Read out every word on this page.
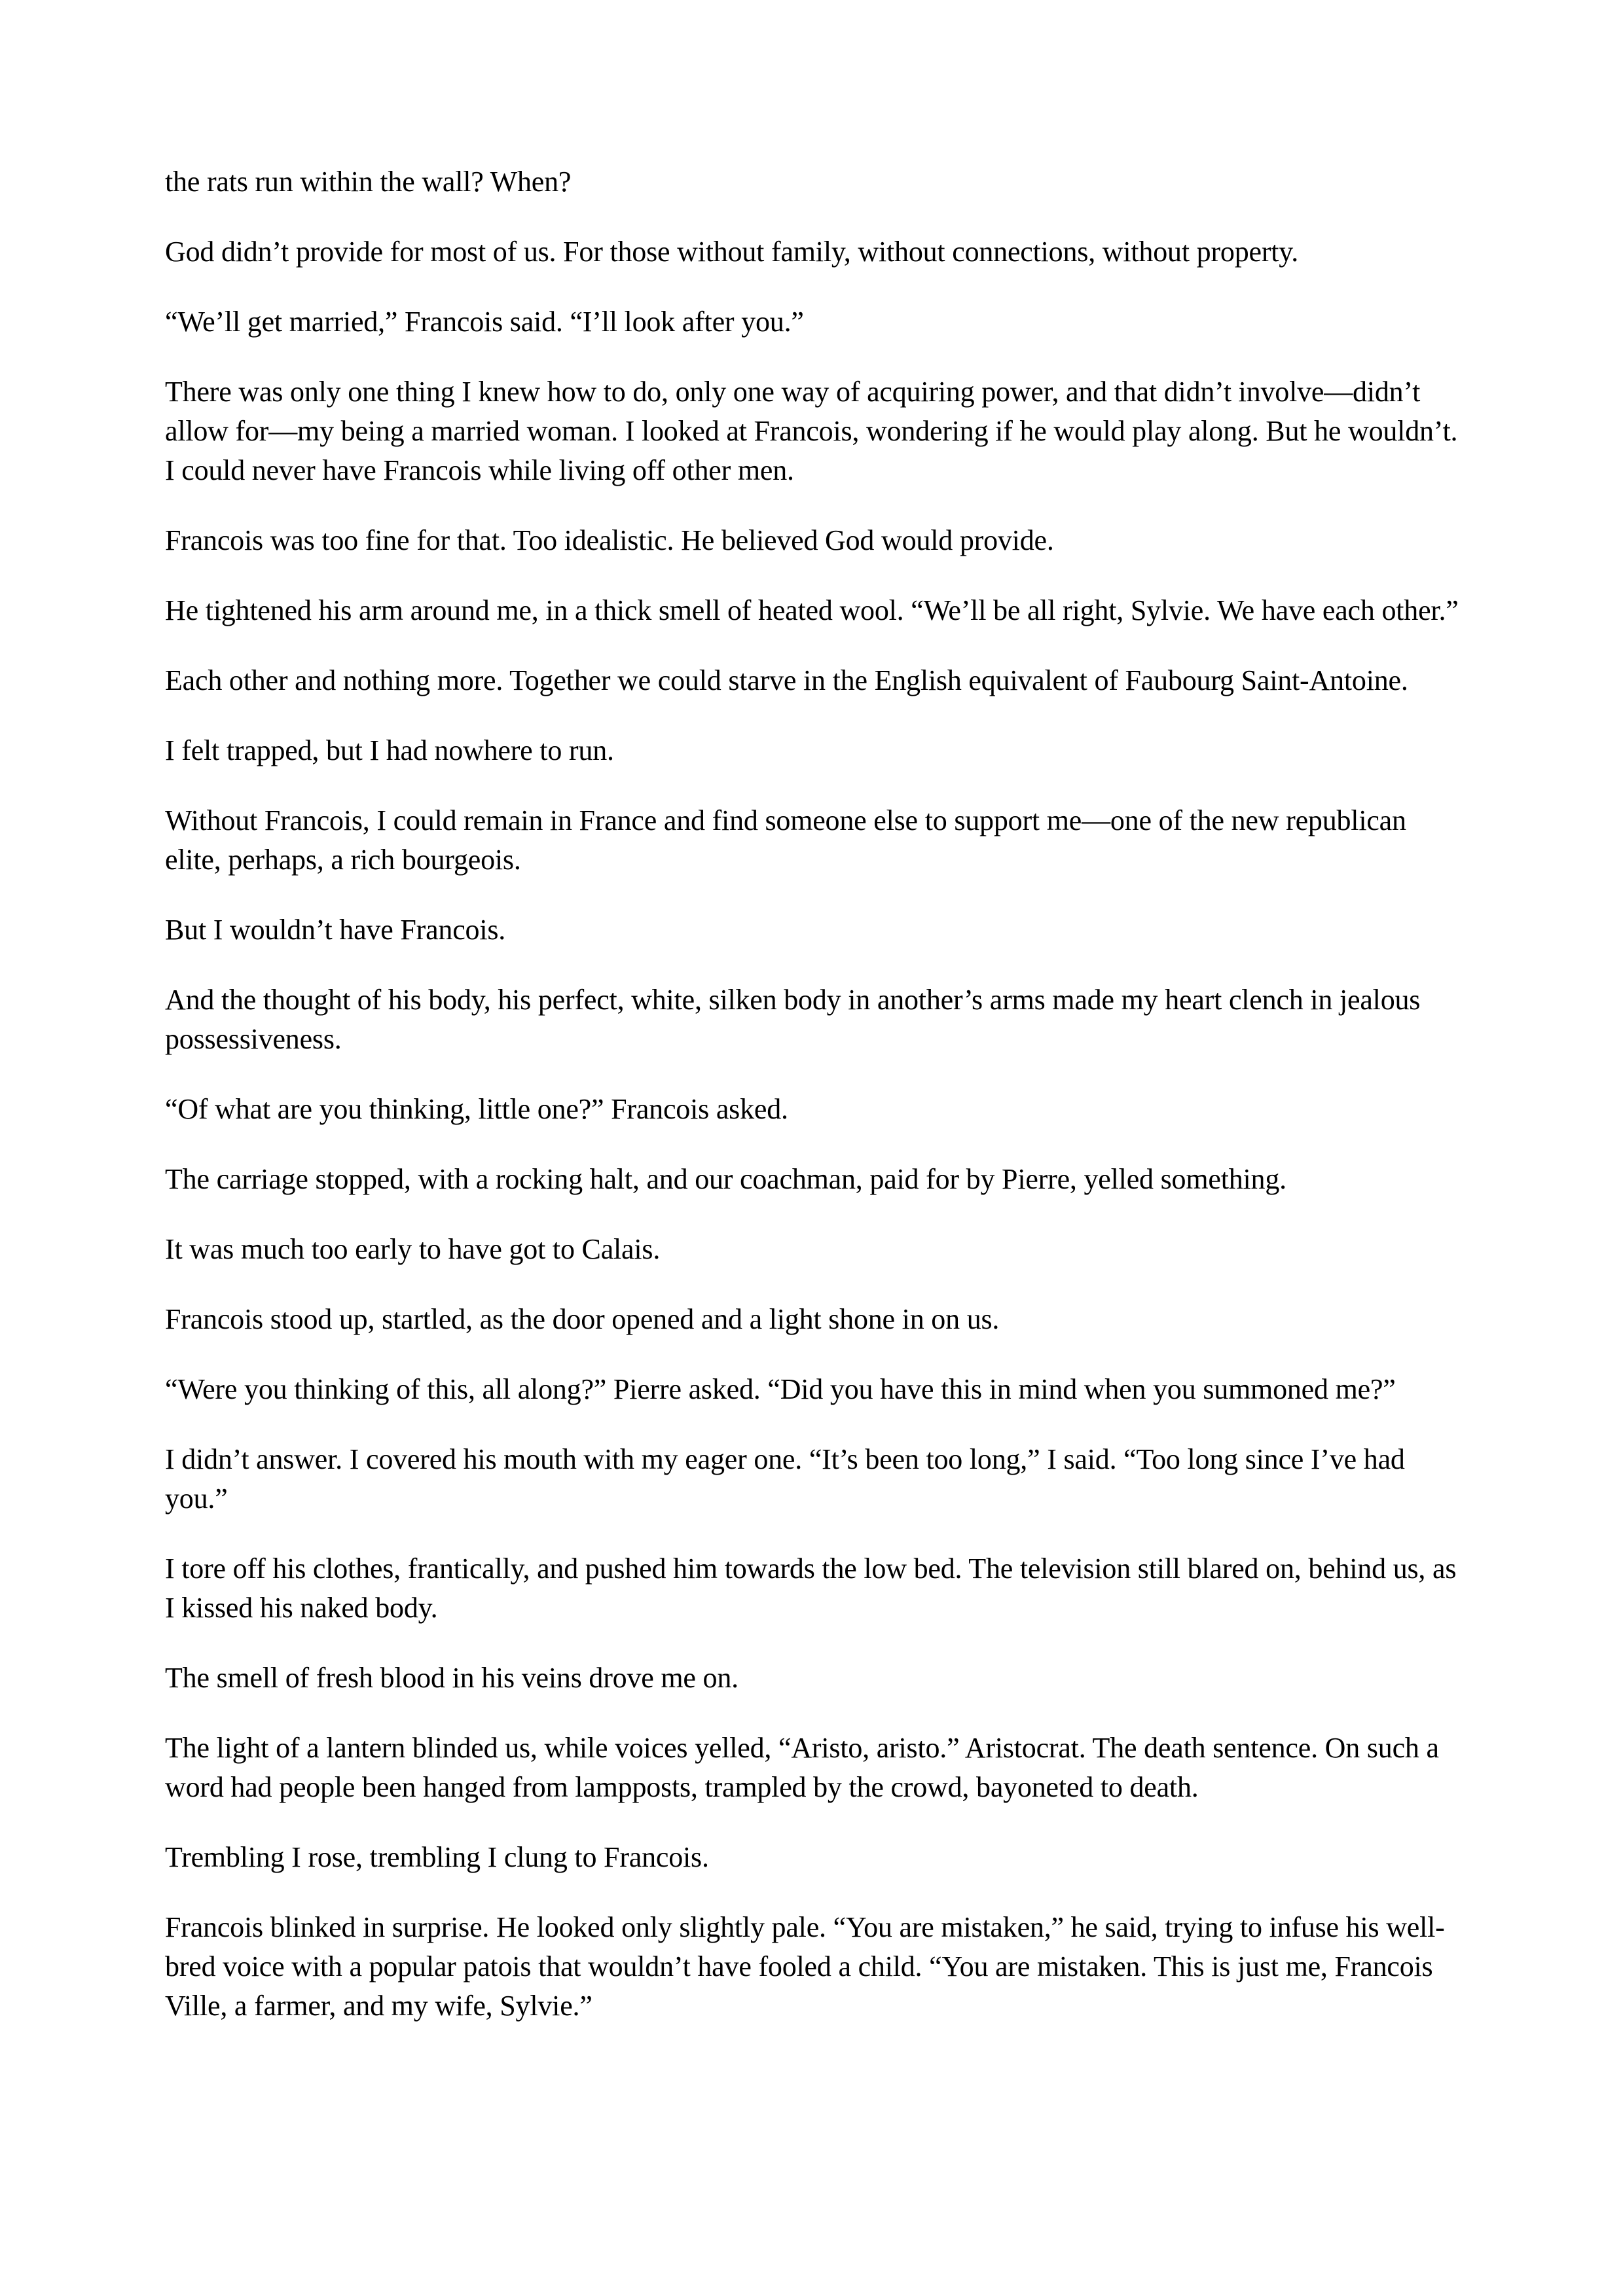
the rats run within the wall? When?

God didn’t provide for most of us. For those without family, without connections, without property.

“We’ll get married,” Francois said. “I’ll look after you.”

There was only one thing I knew how to do, only one way of acquiring power, and that didn’t involve—didn’t allow for—my being a married woman. I looked at Francois, wondering if he would play along. But he wouldn’t. I could never have Francois while living off other men.

Francois was too fine for that. Too idealistic. He believed God would provide.

He tightened his arm around me, in a thick smell of heated wool. “We’ll be all right, Sylvie. We have each other.”

Each other and nothing more. Together we could starve in the English equivalent of Faubourg Saint-Antoine.

I felt trapped, but I had nowhere to run.

Without Francois, I could remain in France and find someone else to support me—one of the new republican elite, perhaps, a rich bourgeois.

But I wouldn’t have Francois.

And the thought of his body, his perfect, white, silken body in another’s arms made my heart clench in jealous possessiveness.

“Of what are you thinking, little one?” Francois asked.

The carriage stopped, with a rocking halt, and our coachman, paid for by Pierre, yelled something.

It was much too early to have got to Calais.

Francois stood up, startled, as the door opened and a light shone in on us.

“Were you thinking of this, all along?” Pierre asked. “Did you have this in mind when you summoned me?”

I didn’t answer. I covered his mouth with my eager one. “It’s been too long,” I said. “Too long since I’ve had you.”

I tore off his clothes, frantically, and pushed him towards the low bed. The television still blared on, behind us, as I kissed his naked body.

The smell of fresh blood in his veins drove me on.

The light of a lantern blinded us, while voices yelled, “Aristo, aristo.” Aristocrat. The death sentence. On such a word had people been hanged from lampposts, trampled by the crowd, bayoneted to death.

Trembling I rose, trembling I clung to Francois.

Francois blinked in surprise. He looked only slightly pale. “You are mistaken,” he said, trying to infuse his well-bred voice with a popular patois that wouldn’t have fooled a child. “You are mistaken. This is just me, Francois Ville, a farmer, and my wife, Sylvie.”
